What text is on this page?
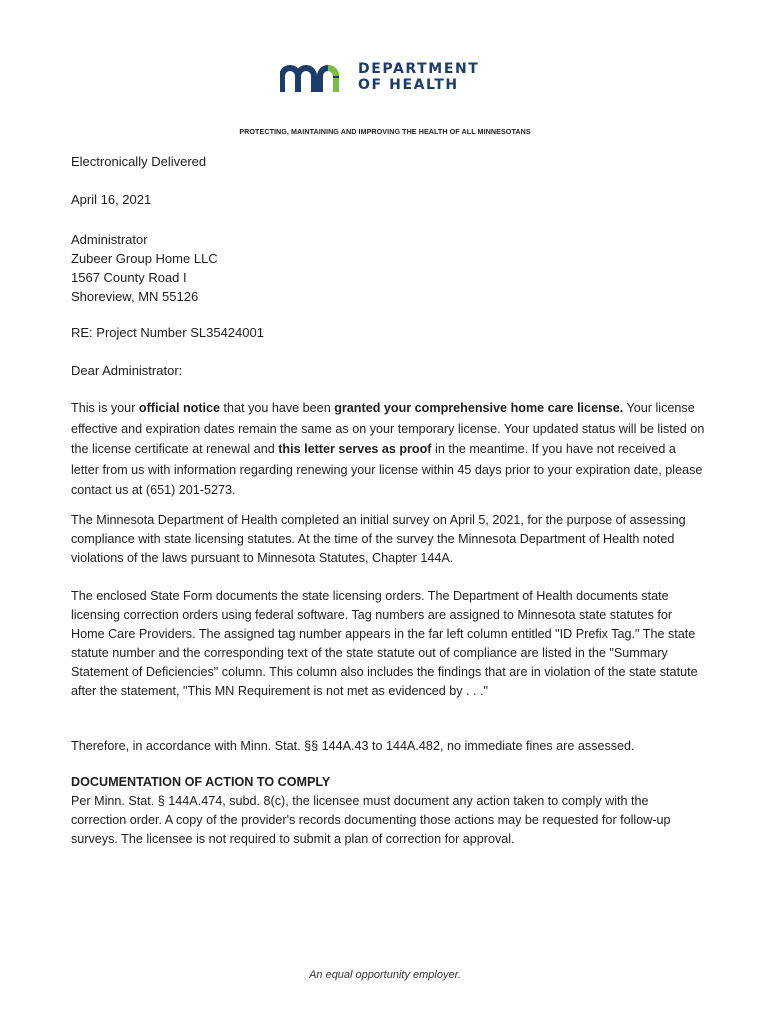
DEPARTMENT
OF HEALTH
PROTECTING, MAINTAINING AND IMPROVING THE HEALTH OF ALL MINNESOTANS
Electronically Delivered
April 16, 2021
Administrator
Zubeer Group Home LLC
1567 County Road I
Shoreview, MN 55126
RE: Project Number SL35424001
Dear Administrator:
This is your official notice that you have been granted your comprehensive home care license. Your license effective and expiration dates remain the same as on your temporary license. Your updated status will be listed on the license certificate at renewal and this letter serves as proof in the meantime. If you have not received a letter from us with information regarding renewing your license within 45 days prior to your expiration date, please contact us at (651) 201-5273.
The Minnesota Department of Health completed an initial survey on April 5, 2021, for the purpose of assessing compliance with state licensing statutes. At the time of the survey the Minnesota Department of Health noted violations of the laws pursuant to Minnesota Statutes, Chapter 144A.
The enclosed State Form documents the state licensing orders. The Department of Health documents state licensing correction orders using federal software. Tag numbers are assigned to Minnesota state statutes for Home Care Providers. The assigned tag number appears in the far left column entitled "ID Prefix Tag." The state statute number and the corresponding text of the state statute out of compliance are listed in the "Summary Statement of Deficiencies" column. This column also includes the findings that are in violation of the state statute after the statement, "This MN Requirement is not met as evidenced by . . ."
Therefore, in accordance with Minn. Stat. §§ 144A.43 to 144A.482, no immediate fines are assessed.
DOCUMENTATION OF ACTION TO COMPLY
Per Minn. Stat. § 144A.474, subd. 8(c), the licensee must document any action taken to comply with the correction order. A copy of the provider's records documenting those actions may be requested for follow-up surveys. The licensee is not required to submit a plan of correction for approval.
An equal opportunity employer.
